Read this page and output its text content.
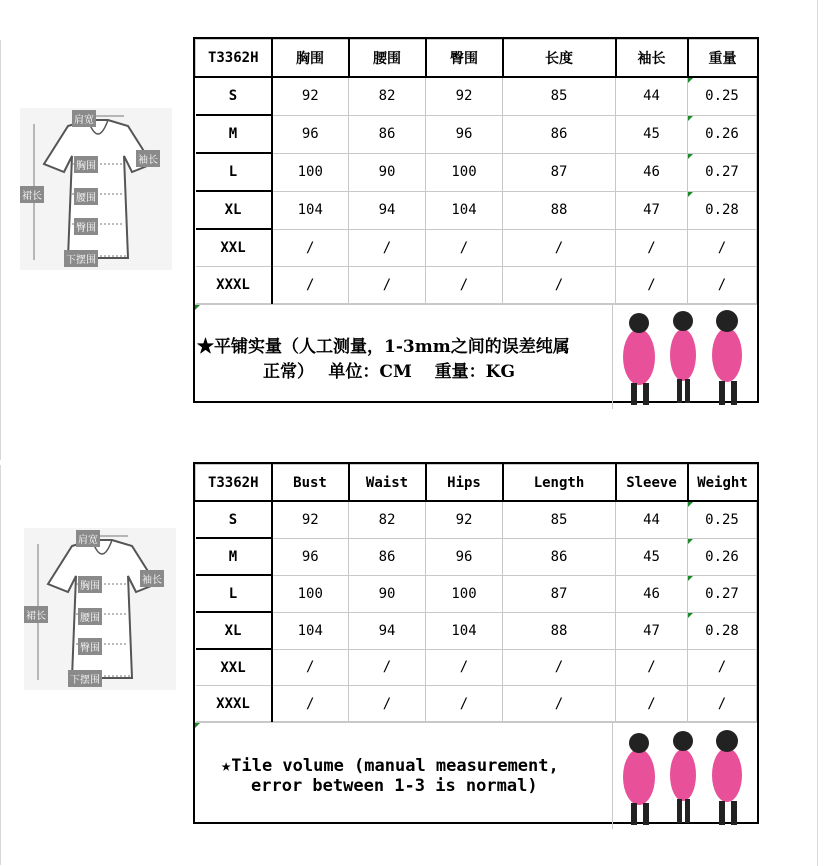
肩宽
袖长
胸围
裙长	腰围
臀围
下摆围
肩宽
袖长
胸围
裙长	腰围
臀围
下摆围
T3362H	胸围	腰围	臀围	长度	袖长	重量
S	92	82	92	85	44	0.25

M	96	86	96	86	45	0.26

L	100	90	100	87	46	0.27

XL	104	94	104	88	47	0.28

XXL	/	/	/	/	/	/
XXXL	/	/	/	/	/	/
★平铺实量（人工测量，1-3mm之间的误差纯属
正常）　 单位：CM　 重量：KG
T3362H	Bust	Waist	Hips	Length	Sleeve	Weight
S	92	82	92	85	44	0.25

M	96	86	96	86	45	0.26

L	100	90	100	87	46	0.27

XL	104	94	104	88	47	0.28

XXL	/	/	/	/	/	/
XXXL	/	/	/	/	/	/
★Tile volume (manual measurement,
error between 1-3 is normal)
